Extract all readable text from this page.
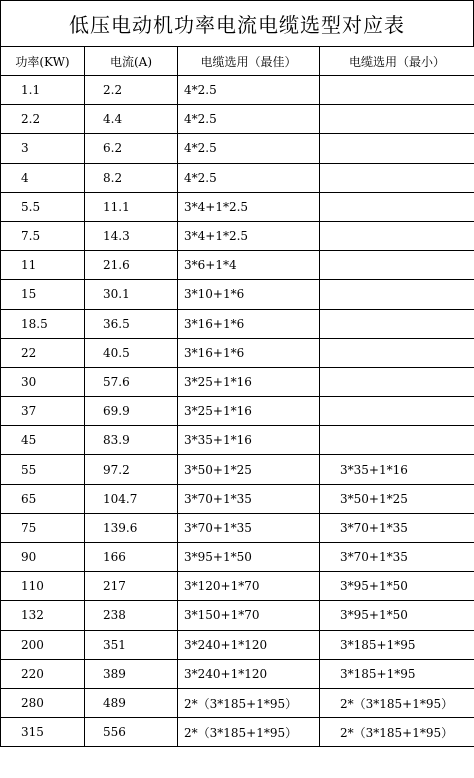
低压电动机功率电流电缆选型对应表
功率(KW)	电流(A)	电缆选用（最佳）	电缆选用（最小）
1.1	2.2	4*2.5	
2.2	4.4	4*2.5	
3	6.2	4*2.5	
4	8.2	4*2.5	
5.5	11.1	3*4+1*2.5	
7.5	14.3	3*4+1*2.5	
11	21.6	3*6+1*4	
15	30.1	3*10+1*6	
18.5	36.5	3*16+1*6	
22	40.5	3*16+1*6	
30	57.6	3*25+1*16	
37	69.9	3*25+1*16	
45	83.9	3*35+1*16	
55	97.2	3*50+1*25	3*35+1*16
65	104.7	3*70+1*35	3*50+1*25
75	139.6	3*70+1*35	3*70+1*35
90	166	3*95+1*50	3*70+1*35
110	217	3*120+1*70	3*95+1*50
132	238	3*150+1*70	3*95+1*50
200	351	3*240+1*120	3*185+1*95
220	389	3*240+1*120	3*185+1*95
280	489	2*（3*185+1*95）	2*（3*185+1*95）
315	556	2*（3*185+1*95）	2*（3*185+1*95）
